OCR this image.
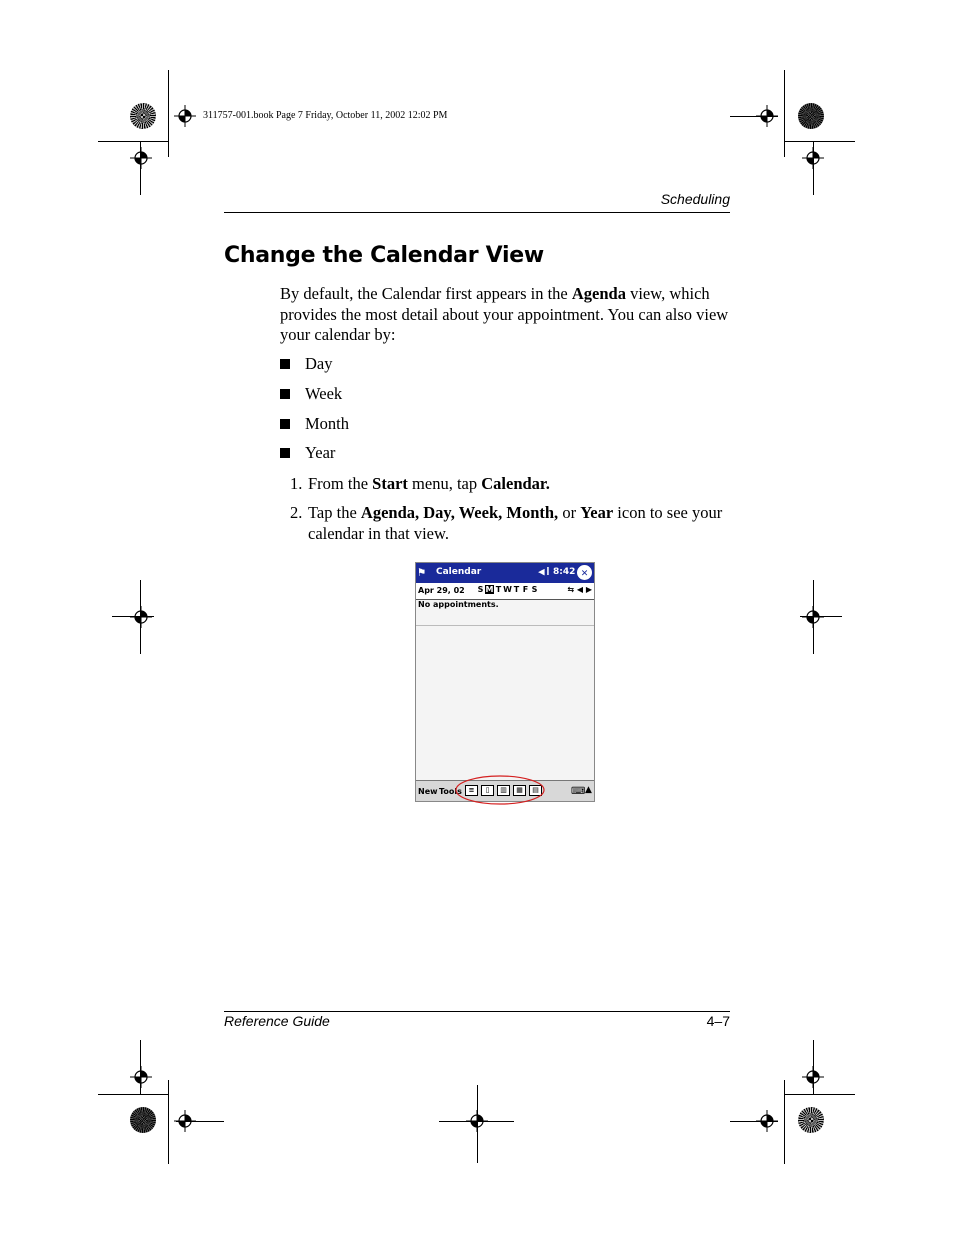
311757-001.book Page 7 Friday, October 11, 2002 12:02 PM
Scheduling
Change the Calendar View
By default, the Calendar first appears in the Agenda view, which provides the most detail about your appointment. You can also view your calendar by:
Day
Week
Month
Year
1. From the Start menu, tap Calendar.
2. Tap the Agenda, Day, Week, Month, or Year icon to see your calendar in that view.
⚑ Calendar	◀ǀ 8:42 ✕
Apr 29, 02 S M T W T F S	⇆ ◀ ▶
No appointments.
New Tools ≡	▯	▥	▦	▤	⌨ ▲
Reference Guide	4–7
